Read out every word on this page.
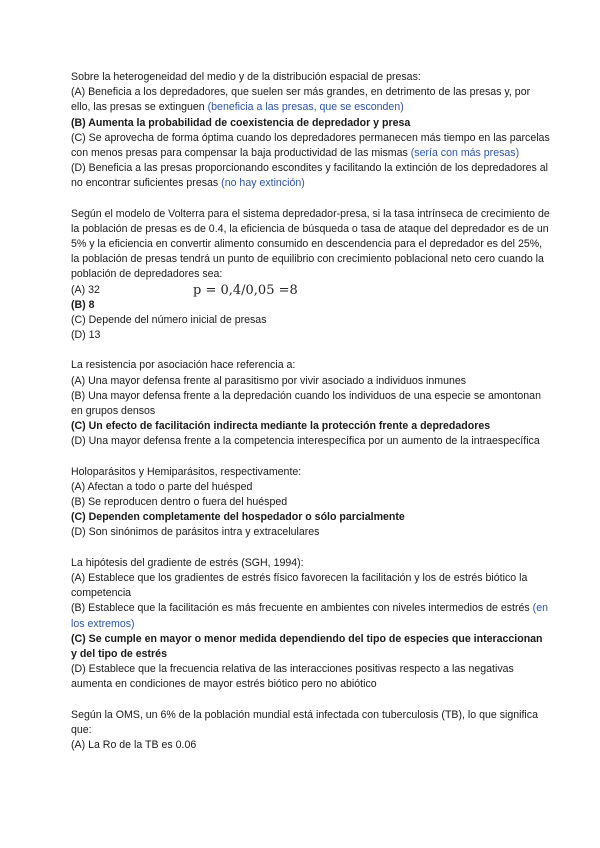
Sobre la heterogeneidad del medio y de la distribución espacial de presas:
(A) Beneficia a los depredadores, que suelen ser más grandes, en detrimento de las presas y, por ello, las presas se extinguen (beneficia a las presas, que se esconden)
(B) Aumenta la probabilidad de coexistencia de depredador y presa
(C) Se aprovecha de forma óptima cuando los depredadores permanecen más tiempo en las parcelas con menos presas para compensar la baja productividad de las mismas (sería con más presas)
(D) Beneficia a las presas proporcionando escondites y facilitando la extinción de los depredadores al no encontrar suficientes presas (no hay extinción)
Según el modelo de Volterra para el sistema depredador-presa, si la tasa intrínseca de crecimiento de la población de presas es de 0.4, la eficiencia de búsqueda o tasa de ataque del depredador es de un 5% y la eficiencia en convertir alimento consumido en descendencia para el depredador es del 25%, la población de presas tendrá un punto de equilibrio con crecimiento poblacional neto cero cuando la población de depredadores sea:
(A) 32	p = 0,4/0,05 =8
(B) 8
(C) Depende del número inicial de presas
(D) 13
La resistencia por asociación hace referencia a:
(A) Una mayor defensa frente al parasitismo por vivir asociado a individuos inmunes
(B) Una mayor defensa frente a la depredación cuando los individuos de una especie se amontonan en grupos densos
(C) Un efecto de facilitación indirecta mediante la protección frente a depredadores
(D) Una mayor defensa frente a la competencia interespecífica por un aumento de la intraespecífica
Holoparásitos y Hemiparásitos, respectivamente:
(A) Afectan a todo o parte del huésped
(B) Se reproducen dentro o fuera del huésped
(C) Dependen completamente del hospedador o sólo parcialmente
(D) Son sinónimos de parásitos intra y extracelulares
La hipótesis del gradiente de estrés (SGH, 1994):
(A) Establece que los gradientes de estrés físico favorecen la facilitación y los de estrés biótico la competencia
(B) Establece que la facilitación es más frecuente en ambientes con niveles intermedios de estrés (en los extremos)
(C) Se cumple en mayor o menor medida dependiendo del tipo de especies que interaccionan y del tipo de estrés
(D) Establece que la frecuencia relativa de las interacciones positivas respecto a las negativas aumenta en condiciones de mayor estrés biótico pero no abiótico
Según la OMS, un 6% de la población mundial está infectada con tuberculosis (TB), lo que significa que:
(A) La Ro de la TB es 0.06
